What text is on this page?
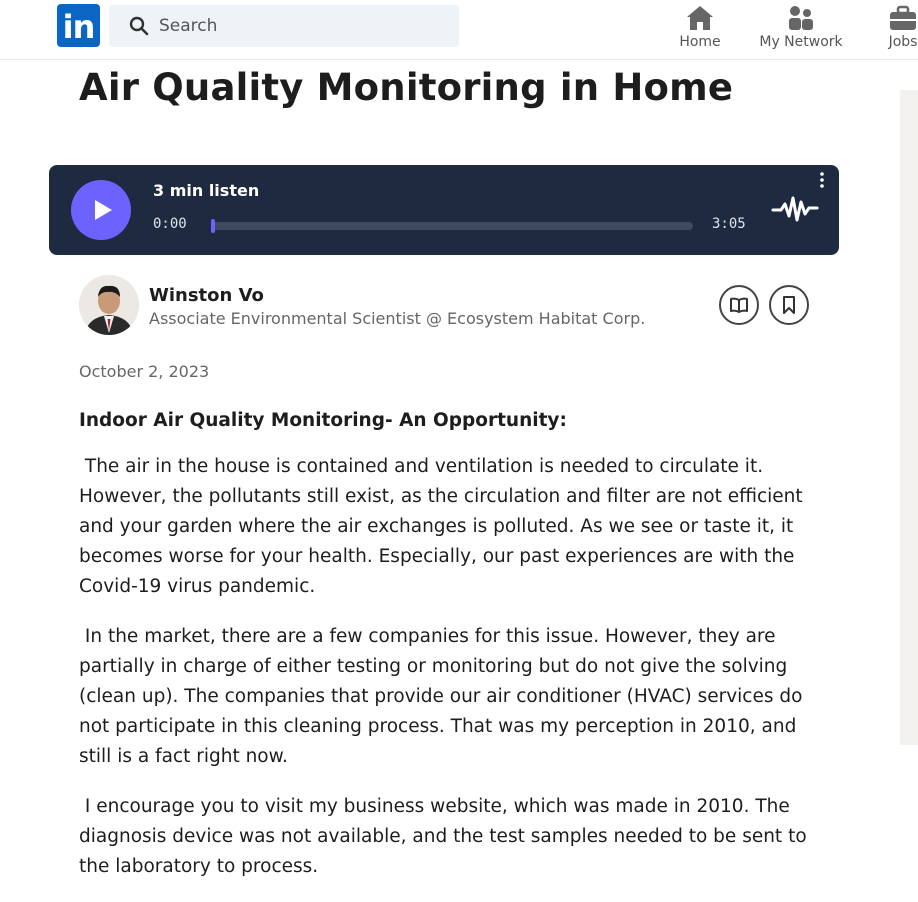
in
Search	Home	My Network	Jobs
Air Quality Monitoring in Home
3 min listen
0:00	3:05
Winston Vo
Associate Environmental Scientist @ Ecosystem Habitat Corp.
October 2, 2023

Indoor Air Quality Monitoring- An Opportunity:

The air in the house is contained and ventilation is needed to circulate it. However, the pollutants still exist, as the circulation and filter are not efficient and your garden where the air exchanges is polluted. As we see or taste it, it becomes worse for your health. Especially, our past experiences are with the Covid-19 virus pandemic.

In the market, there are a few companies for this issue. However, they are partially in charge of either testing or monitoring but do not give the solving (clean up). The companies that provide our air conditioner (HVAC) services do not participate in this cleaning process. That was my perception in 2010, and still is a fact right now.

I encourage you to visit my business website, which was made in 2010. The diagnosis device was not available, and the test samples needed to be sent to the laboratory to process.
